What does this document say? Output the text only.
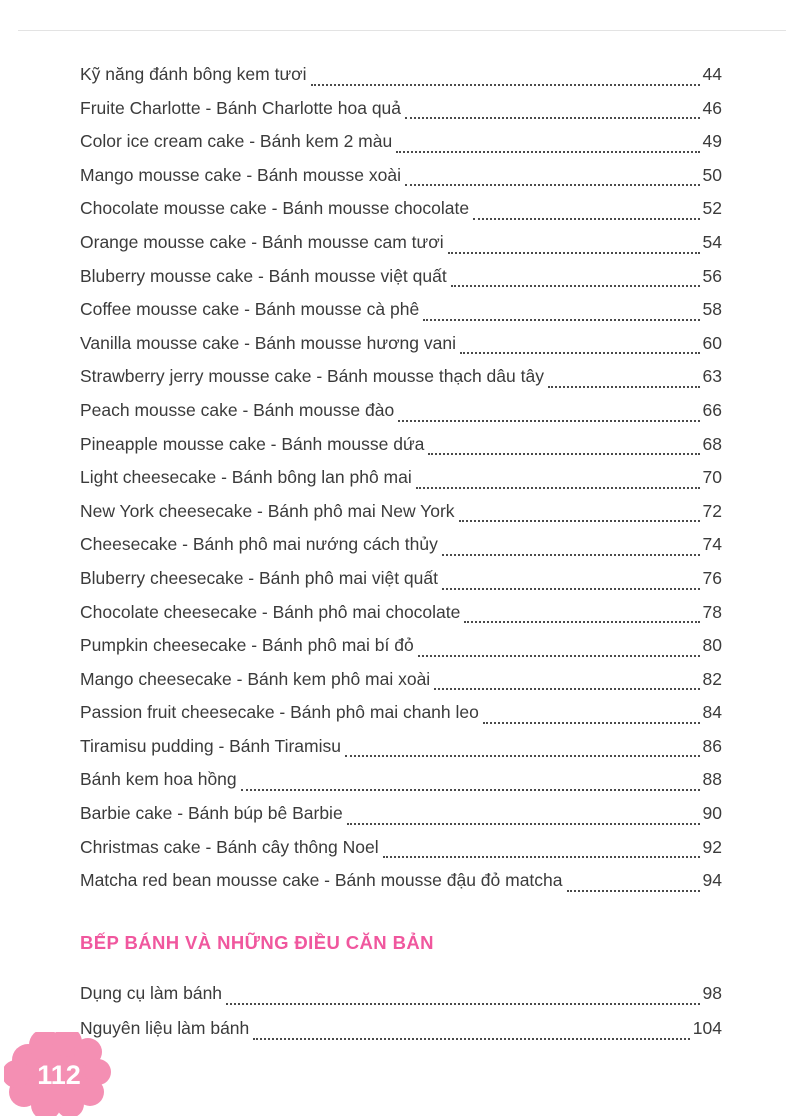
Kỹ năng đánh bông kem tươi	44
Fruite Charlotte - Bánh Charlotte hoa quả	46
Color ice cream cake - Bánh kem 2 màu	49
Mango mousse cake - Bánh mousse xoài	50
Chocolate mousse cake - Bánh mousse chocolate	52
Orange mousse cake - Bánh mousse cam tươi	54
Bluberry mousse cake - Bánh mousse việt quất	56
Coffee mousse cake - Bánh mousse cà phê	58
Vanilla mousse cake - Bánh mousse hương vani	60
Strawberry jerry mousse cake - Bánh mousse thạch dâu tây	63
Peach mousse cake - Bánh mousse đào	66
Pineapple mousse cake - Bánh mousse dứa	68
Light cheesecake - Bánh bông lan phô mai	70
New York cheesecake - Bánh phô mai New York	72
Cheesecake - Bánh phô mai nướng cách thủy	74
Bluberry cheesecake - Bánh phô mai việt quất	76
Chocolate cheesecake - Bánh phô mai chocolate	78
Pumpkin cheesecake - Bánh phô mai bí đỏ	80
Mango cheesecake - Bánh kem phô mai xoài	82
Passion fruit cheesecake - Bánh phô mai chanh leo	84
Tiramisu pudding - Bánh Tiramisu	86
Bánh kem hoa hồng	88
Barbie cake - Bánh búp bê Barbie	90
Christmas cake - Bánh cây thông Noel	92
Matcha red bean mousse cake - Bánh mousse đậu đỏ matcha	94
BẾP BÁNH VÀ NHỮNG ĐIỀU CĂN BẢN
Dụng cụ làm bánh	98
Nguyên liệu làm bánh	104
112
